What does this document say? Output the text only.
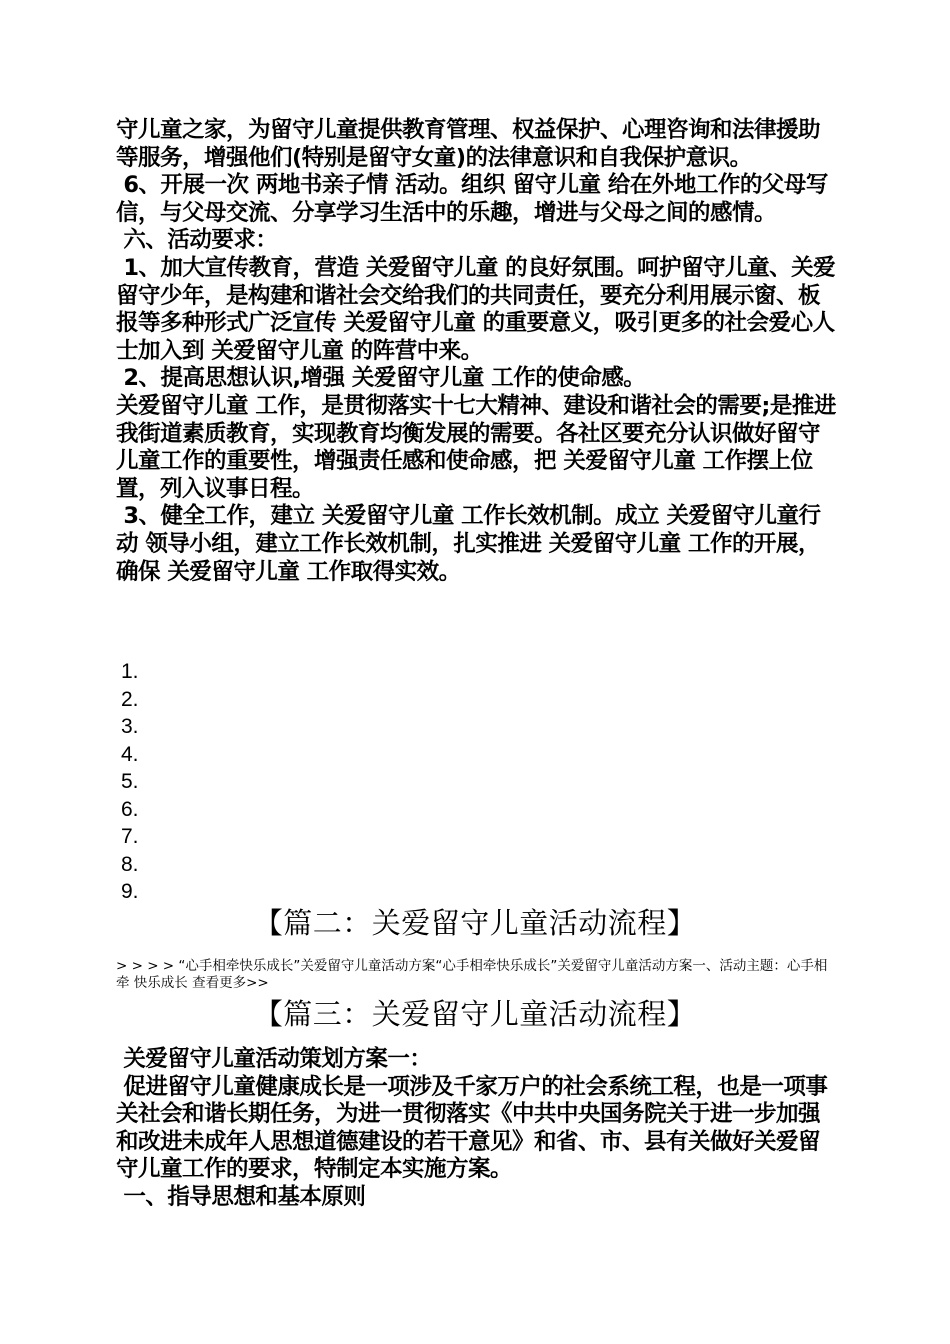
守儿童之家，为留守儿童提供教育管理、权益保护、心理咨询和法律援助等服务，增强他们(特别是留守女童)的法律意识和自我保护意识。

6、开展一次 两地书亲子情 活动。组织 留守儿童 给在外地工作的父母写信，与父母交流、分享学习生活中的乐趣，增进与父母之间的感情。

六、活动要求：

1、加大宣传教育，营造 关爱留守儿童 的良好氛围。呵护留守儿童、关爱留守少年，是构建和谐社会交给我们的共同责任，要充分利用展示窗、板报等多种形式广泛宣传 关爱留守儿童 的重要意义，吸引更多的社会爱心人士加入到 关爱留守儿童 的阵营中来。

2、提高思想认识,增强 关爱留守儿童 工作的使命感。

关爱留守儿童 工作，是贯彻落实十七大精神、建设和谐社会的需要;是推进我街道素质教育，实现教育均衡发展的需要。各社区要充分认识做好留守儿童工作的重要性，增强责任感和使命感，把 关爱留守儿童 工作摆上位置，列入议事日程。

3、健全工作，建立 关爱留守儿童 工作长效机制。成立 关爱留守儿童行动 领导小组，建立工作长效机制，扎实推进 关爱留守儿童 工作的开展，确保 关爱留守儿童 工作取得实效。

1.
2.
3.
4.
5.
6.
7.
8.
9.
【篇二：关爱留守儿童活动流程】

> > > > “心手相牵快乐成长”关爱留守儿童活动方案“心手相牵快乐成长”关爱留守儿童活动方案一、活动主题：心手相牵 快乐成长 查看更多>>

【篇三：关爱留守儿童活动流程】

关爱留守儿童活动策划方案一：

促进留守儿童健康成长是一项涉及千家万户的社会系统工程，也是一项事关社会和谐长期任务，为进一贯彻落实《中共中央国务院关于进一步加强和改进未成年人思想道德建设的若干意见》和省、市、县有关做好关爱留守儿童工作的要求，特制定本实施方案。

一、指导思想和基本原则
